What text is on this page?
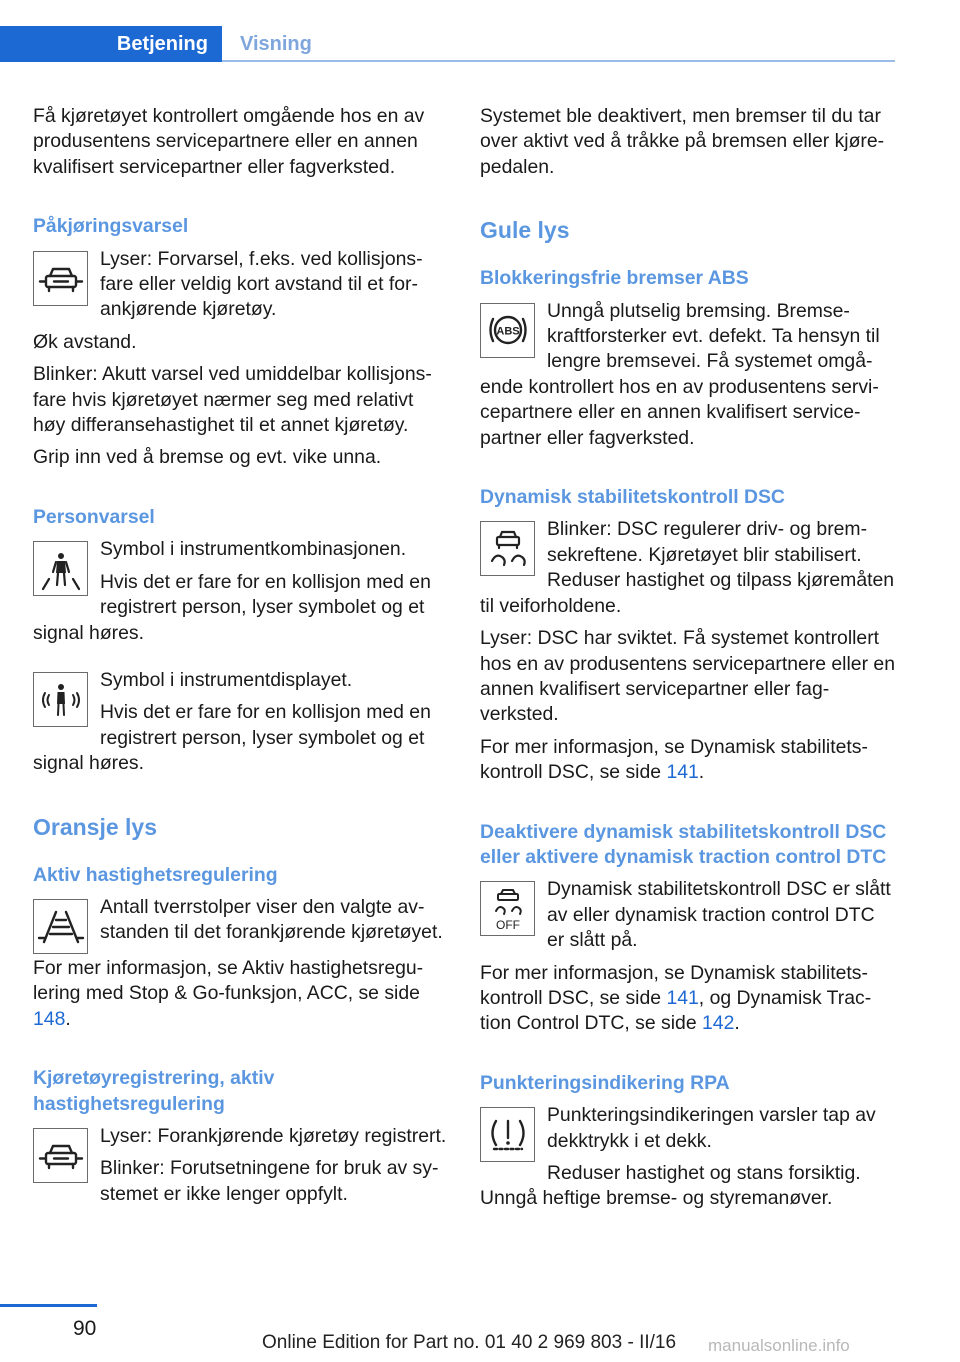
Betjening Visning

Få kjøretøyet kontrollert omgående hos en av produsentens servicepartnere eller en annen kvalifisert servicepartner eller fagverksted.

Påkjøringsvarsel

Lyser: Forvarsel, f.eks. ved kollisjonsfare eller veldig kort avstand til et forankjørende kjøretøy.

Øk avstand.

Blinker: Akutt varsel ved umiddelbar kollisjonsfare hvis kjøretøyet nærmer seg med relativt høy differansehastighet til et annet kjøretøy.

Grip inn ved å bremse og evt. vike unna.

Personvarsel

Symbol i instrumentkombinasjonen.

Hvis det er fare for en kollisjon med en registrert person, lyser symbolet og et signal høres.

Symbol i instrumentdisplayet.

Hvis det er fare for en kollisjon med en registrert person, lyser symbolet og et signal høres.

Oransje lys
Aktiv hastighetsregulering

Antall tverrstolper viser den valgte avstanden til det forankjørende kjøretøyet.

For mer informasjon, se Aktiv hastighetsregulering med Stop & Go-funksjon, ACC, se side 148.

Kjøretøyregistrering, aktiv hastighetsregulering

Lyser: Forankjørende kjøretøy registrert.

Blinker: Forutsetningene for bruk av systemet er ikke lenger oppfylt.

Systemet ble deaktivert, men bremser til du tar over aktivt ved å tråkke på bremsen eller kjørepedalen.

Gule lys
Blokkeringsfrie bremser ABS
ABS

Unngå plutselig bremsing. Bremsekraftforsterker evt. defekt. Ta hensyn til lengre bremsevei. Få systemet omgående kontrollert hos en av produsentens servicepartnere eller en annen kvalifisert servicepartner eller fagverksted.

Dynamisk stabilitetskontroll DSC

Blinker: DSC regulerer driv- og bremsekreftene. Kjøretøyet blir stabilisert. Reduser hastighet og tilpass kjøremåten til veiforholdene.

Lyser: DSC har sviktet. Få systemet kontrollert hos en av produsentens servicepartnere eller en annen kvalifisert servicepartner eller fagverksted.

For mer informasjon, se Dynamisk stabilitetskontroll DSC, se side 141.

Deaktivere dynamisk stabilitetskontroll DSC eller aktivere dynamisk traction control DTC
OFF

Dynamisk stabilitetskontroll DSC er slått av eller dynamisk traction control DTC er slått på.

For mer informasjon, se Dynamisk stabilitetskontroll DSC, se side 141, og Dynamisk Traction Control DTC, se side 142.

Punkteringsindikering RPA

Punkteringsindikeringen varsler tap av dekktrykk i et dekk.

Reduser hastighet og stans forsiktig. Unngå heftige bremse- og styremanøver.

90
Online Edition for Part no. 01 40 2 969 803 - II/16 manualsonline.info
